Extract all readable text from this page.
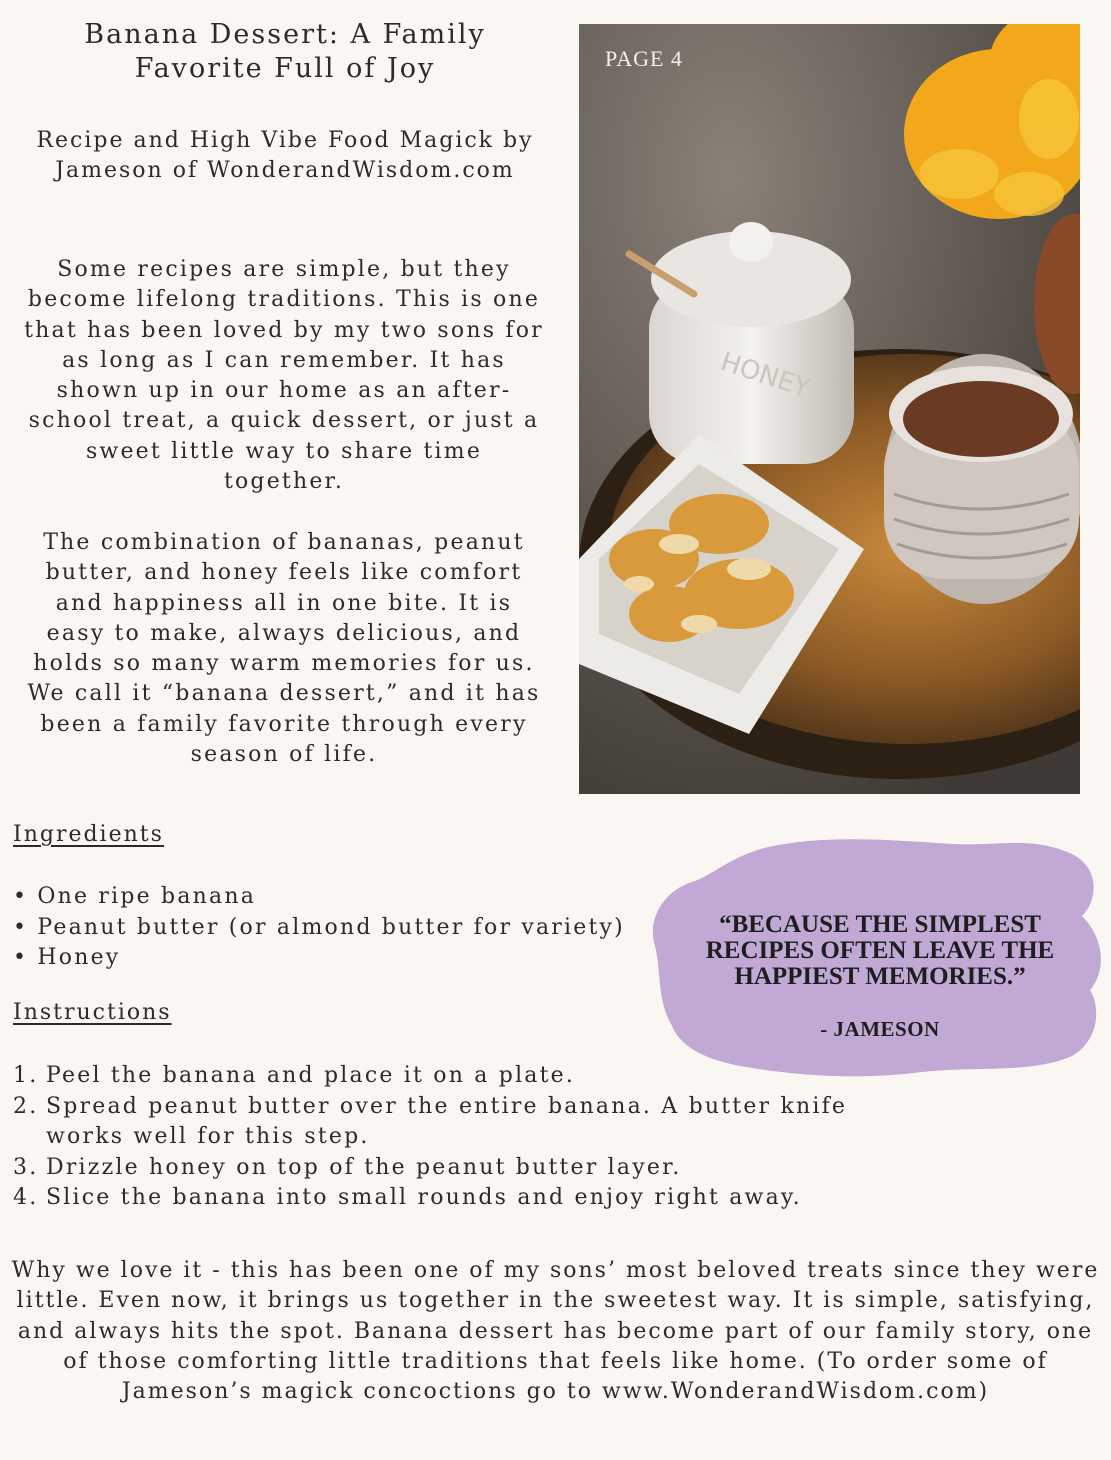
Banana Dessert: A Family Favorite Full of Joy
Recipe and High Vibe Food Magick by Jameson of WonderandWisdom.com

Some recipes are simple, but they become lifelong traditions. This is one that has been loved by my two sons for as long as I can remember. It has shown up in our home as an after-school treat, a quick dessert, or just a sweet little way to share time together.

The combination of bananas, peanut butter, and honey feels like comfort and happiness all in one bite. It is easy to make, always delicious, and holds so many warm memories for us. We call it “banana dessert,” and it has been a family favorite through every season of life.

HONEY
PAGE 4
Ingredients
• One ripe banana
• Peanut butter (or almond butter for variety)
• Honey
Instructions
1. Peel the banana and place it on a plate.
2. Spread peanut butter over the entire banana. A butter knife works well for this step.
3. Drizzle honey on top of the peanut butter layer.
4. Slice the banana into small rounds and enjoy right away.
“BECAUSE THE SIMPLEST RECIPES OFTEN LEAVE THE HAPPIEST MEMORIES.”
- JAMESON

Why we love it - this has been one of my sons’ most beloved treats since they were little. Even now, it brings us together in the sweetest way. It is simple, satisfying, and always hits the spot. Banana dessert has become part of our family story, one of those comforting little traditions that feels like home. (To order some of Jameson’s magick concoctions go to www.WonderandWisdom.com)
